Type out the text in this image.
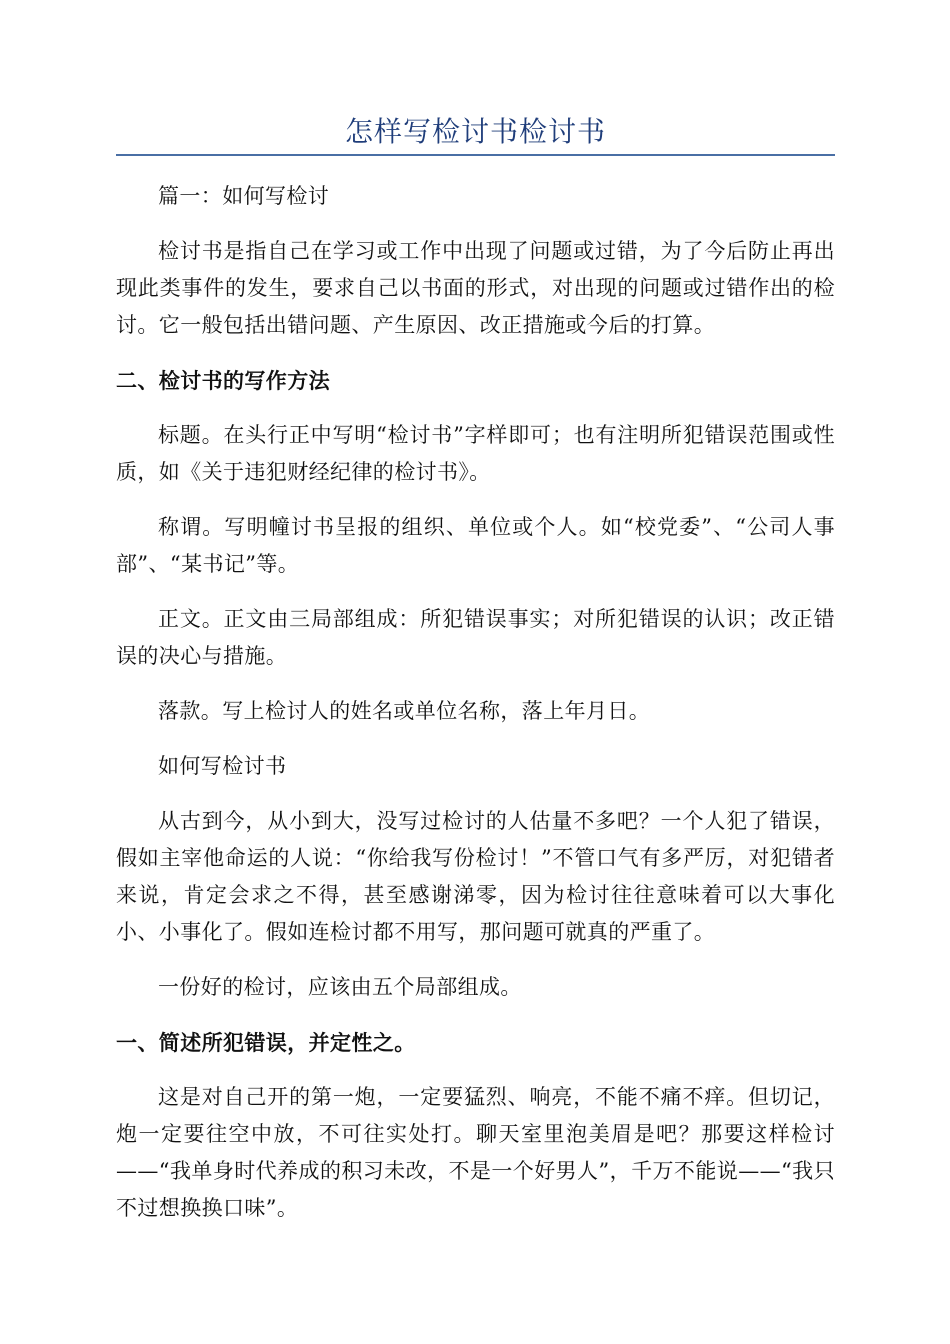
怎样写检讨书检讨书

篇一：如何写检讨

检讨书是指自己在学习或工作中出现了问题或过错，为了今后防止再出现此类事件的发生，要求自己以书面的形式，对出现的问题或过错作出的检讨。它一般包括出错问题、产生原因、改正措施或今后的打算。

二、检讨书的写作方法

标题。在头行正中写明“检讨书”字样即可；也有注明所犯错误范围或性质，如《关于违犯财经纪律的检讨书》。

称谓。写明幢讨书呈报的组织、单位或个人。如“校党委”、“公司人事部”、“某书记”等。

正文。正文由三局部组成：所犯错误事实；对所犯错误的认识；改正错误的决心与措施。

落款。写上检讨人的姓名或单位名称，落上年月日。

如何写检讨书

从古到今，从小到大，没写过检讨的人估量不多吧？一个人犯了错误，假如主宰他命运的人说：“你给我写份检讨！”不管口气有多严厉，对犯错者来说，肯定会求之不得，甚至感谢涕零，因为检讨往往意味着可以大事化小、小事化了。假如连检讨都不用写，那问题可就真的严重了。

一份好的检讨，应该由五个局部组成。

一、简述所犯错误，并定性之。

这是对自己开的第一炮，一定要猛烈、响亮，不能不痛不痒。但切记，炮一定要往空中放，不可往实处打。聊天室里泡美眉是吧？那要这样检讨——“我单身时代养成的积习未改，不是一个好男人”，千万不能说——“我只不过想换换口味”。
